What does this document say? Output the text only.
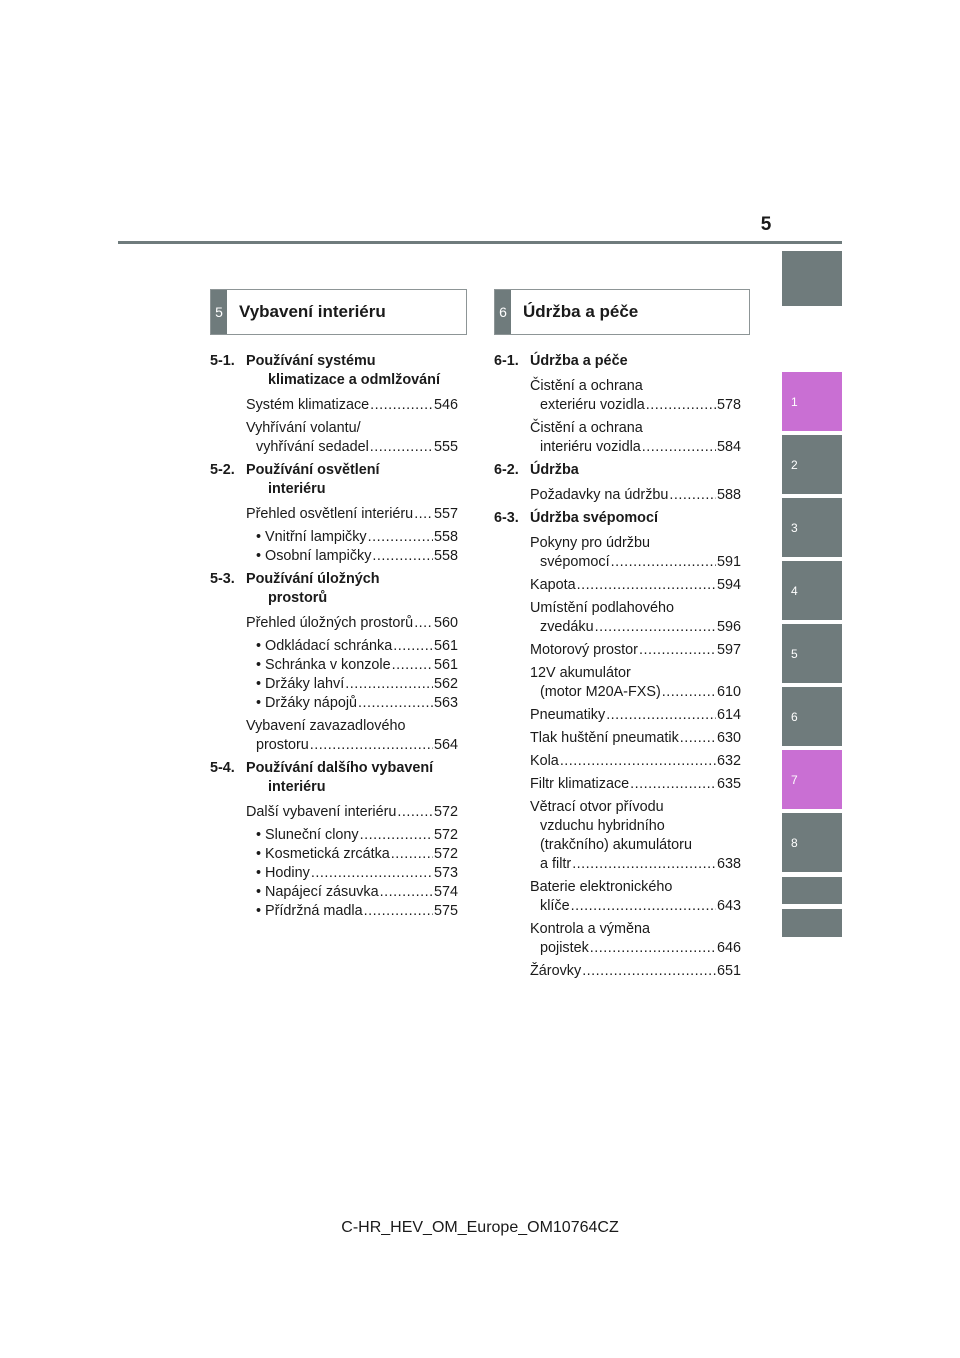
5
1
2
3
4
5
6
7
8
5 Vybavení interiéru	6 Údržba a péče
5-1. Používání systému
klimatizace a odmlžování
Systém klimatizace .....	546
Vyhřívání volantu/
vyhřívání sedadel .....	555
5-2. Používání osvětlení
interiéru
Přehled osvětlení interiéru ..... 557
• Vnitřní lampičky .....	558
• Osobní lampičky .....	558
5-3. Používání úložných
prostorů
Přehled úložných prostorů ..... 560
• Odkládací schránka .....	561
• Schránka v konzole .....	561
• Držáky lahví .....	562
• Držáky nápojů .....	563
Vybavení zavazadlového
prostoru .....	564
5-4. Používání dalšího vybavení
interiéru
Další vybavení interiéru .....	572
• Sluneční clony .....	572
• Kosmetická zrcátka .....	572
• Hodiny .....	573
• Napájecí zásuvka .....	574
• Přídržná madla .....	575
6-1. Údržba a péče
Čistění a ochrana
exteriéru vozidla .....	578
Čistění a ochrana
interiéru vozidla .....	584
6-2. Údržba
Požadavky na údržbu .....	588
6-3. Údržba svépomocí
Pokyny pro údržbu
svépomocí .....	591
Kapota .....	594
Umístění podlahového
zvedáku .....	596
Motorový prostor .....	597
12V akumulátor
(motor M20A-FXS) .....	610
Pneumatiky .....	614
Tlak huštění pneumatik .....	630
Kola .....	632
Filtr klimatizace .....	635
Větrací otvor přívodu
vzduchu hybridního
(trakčního) akumulátoru
a filtr .....	638
Baterie elektronického
klíče .....	643
Kontrola a výměna
pojistek .....	646
Žárovky .....	651
C-HR_HEV_OM_Europe_OM10764CZ
